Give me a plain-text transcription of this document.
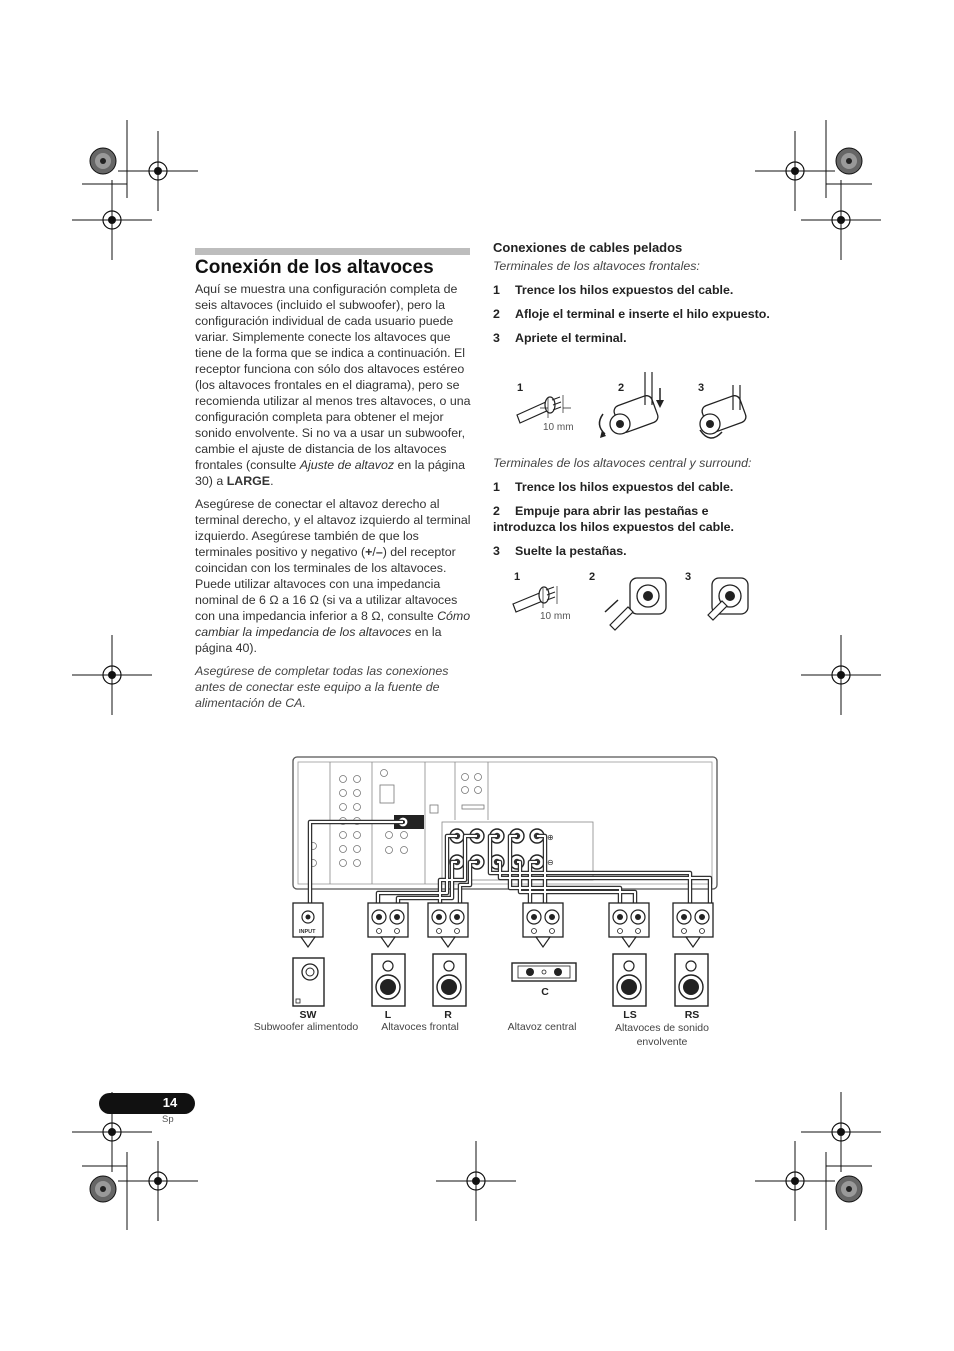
⊕
⊖
INPUT
Conexión de los altavoces

Aquí se muestra una configuración completa de seis altavoces (incluido el subwoofer), pero la configuración individual de cada usuario puede variar. Simplemente conecte los altavoces que tiene de la forma que se indica a continuación. El receptor funciona con sólo dos altavoces estéreo (los altavoces frontales en el diagrama), pero se recomienda utilizar al menos tres altavoces, o una configuración completa para obtener el mejor sonido envolvente. Si no va a usar un subwoofer, cambie el ajuste de distancia de los altavoces frontales (consulte Ajuste de altavoz en la página 30) a LARGE.

Asegúrese de conectar el altavoz derecho al terminal derecho, y el altavoz izquierdo al terminal izquierdo. Asegúrese también de que los terminales positivo y negativo (+/–) del receptor coincidan con los terminales de los altavoces. Puede utilizar altavoces con una impedancia nominal de 6 Ω a 16 Ω (si va a utilizar altavoces con una impedancia inferior a 8 Ω, consulte Cómo cambiar la impedancia de los altavoces en la página 40).

Asegúrese de completar todas las conexiones antes de conectar este equipo a la fuente de alimentación de CA.

Conexiones de cables pelados
Terminales de los altavoces frontales:
1 Trence los hilos expuestos del cable.
2 Afloje el terminal e inserte el hilo expuesto.
3 Apriete el terminal.
Terminales de los altavoces central y surround:
1 Trence los hilos expuestos del cable.
2 Empuje para abrir las pestañas e introduzca los hilos expuestos del cable.
3 Suelte la pestañas.
1	2	3
10 mm
1	2	3
10 mm
SW	L	R
C
LS	RS
Subwoofer alimentodo	Altavoces frontal	Altavoz central	Altavoces de sonido envolvente
14
Sp
